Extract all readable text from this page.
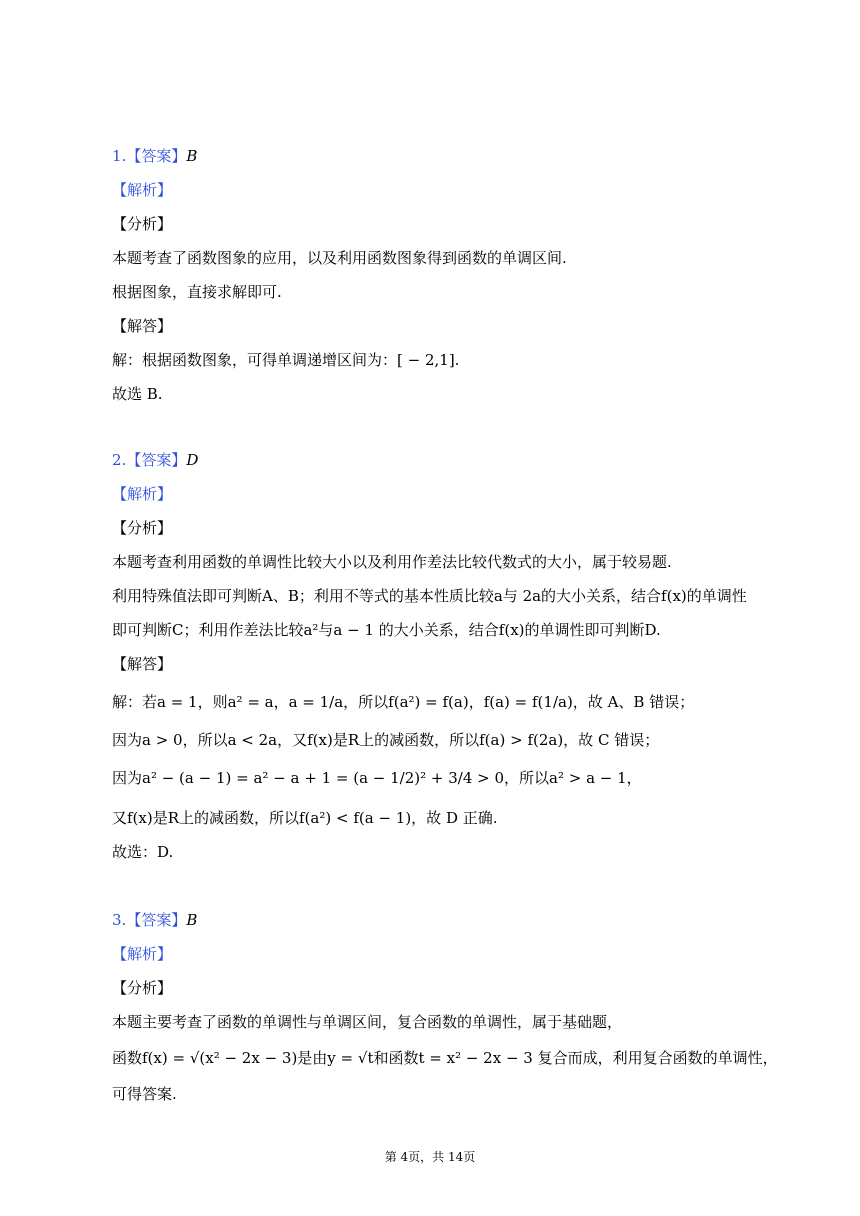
1.【答案】B
【解析】
【分析】
本题考查了函数图象的应用，以及利用函数图象得到函数的单调区间.
根据图象，直接求解即可.
【解答】
解：根据函数图象，可得单调递增区间为：[ − 2,1].
故选 B.
2.【答案】D
【解析】
【分析】
本题考查利用函数的单调性比较大小以及利用作差法比较代数式的大小，属于较易题.
利用特殊值法即可判断A、B；利用不等式的基本性质比较a与 2a的大小关系，结合f(x)的单调性
即可判断C；利用作差法比较a²与a − 1 的大小关系，结合f(x)的单调性即可判断D.
【解答】
解：若a = 1，则a² = a，a = 1/a，所以f(a²) = f(a)，f(a) = f(1/a)，故 A、B 错误；
因为a > 0，所以a < 2a，又f(x)是R上的减函数，所以f(a) > f(2a)，故 C 错误；
因为a² − (a − 1) = a² − a + 1 = (a − 1/2)² + 3/4 > 0，所以a² > a − 1，
又f(x)是R上的减函数，所以f(a²) < f(a − 1)，故 D 正确.
故选：D.
3.【答案】B
【解析】
【分析】
本题主要考查了函数的单调性与单调区间，复合函数的单调性，属于基础题，
函数f(x) = √(x² − 2x − 3)是由y = √t和函数t = x² − 2x − 3 复合而成，利用复合函数的单调性，
可得答案.
第 4页，共 14页
